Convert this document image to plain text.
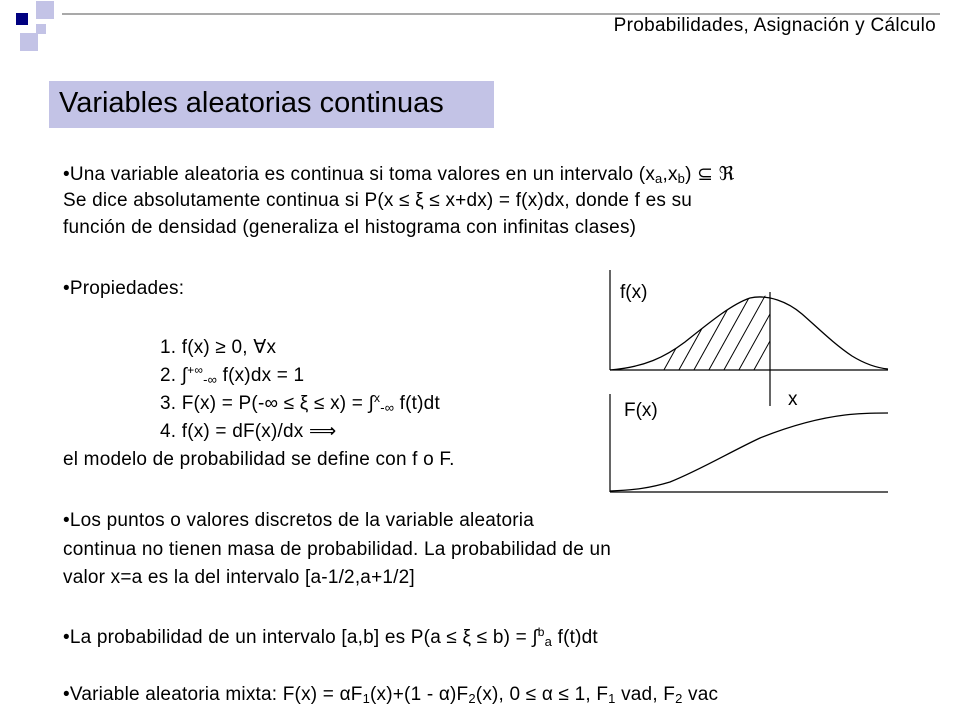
Probabilidades, Asignación y Cálculo
Variables aleatorias continuas
•Una variable aleatoria es continua si toma valores en un intervalo $(x_a,x_b)$ ⊆ ℜ
Se dice absolutamente continua si P(x ≤ ξ ≤ x+dx) = f(x)dx, donde f es su
función de densidad (generaliza el histograma con infinitas clases)
•Propiedades:
1. f(x) ≥ 0, ∀x
2. $\int^{+\infty}_{-\infty}$ f(x)dx = 1
3. F(x) = P(-∞ ≤ ξ ≤ x) = ∫$^x_{-\infty}$ f(t)dt
4. f(x) = dF(x)/dx ⟹
el modelo de probabilidad se define con f o F.
•Los puntos o valores discretos de la variable aleatoria
continua no tienen masa de probabilidad. La probabilidad de un
valor x=a es la del intervalo [a-1/2,a+1/2]
•La probabilidad de un intervalo [a,b] es P(a ≤ ξ ≤ b) = ∫$^b_a$ f(t)dt
•Variable aleatoria mixta: $F(x) = \alpha F_1(x)+(1 - \alpha)F_2(x)$, 0 ≤ α ≤ 1, $F_1$ vad, $F_2$ vac
f(x)
F(x)
x
